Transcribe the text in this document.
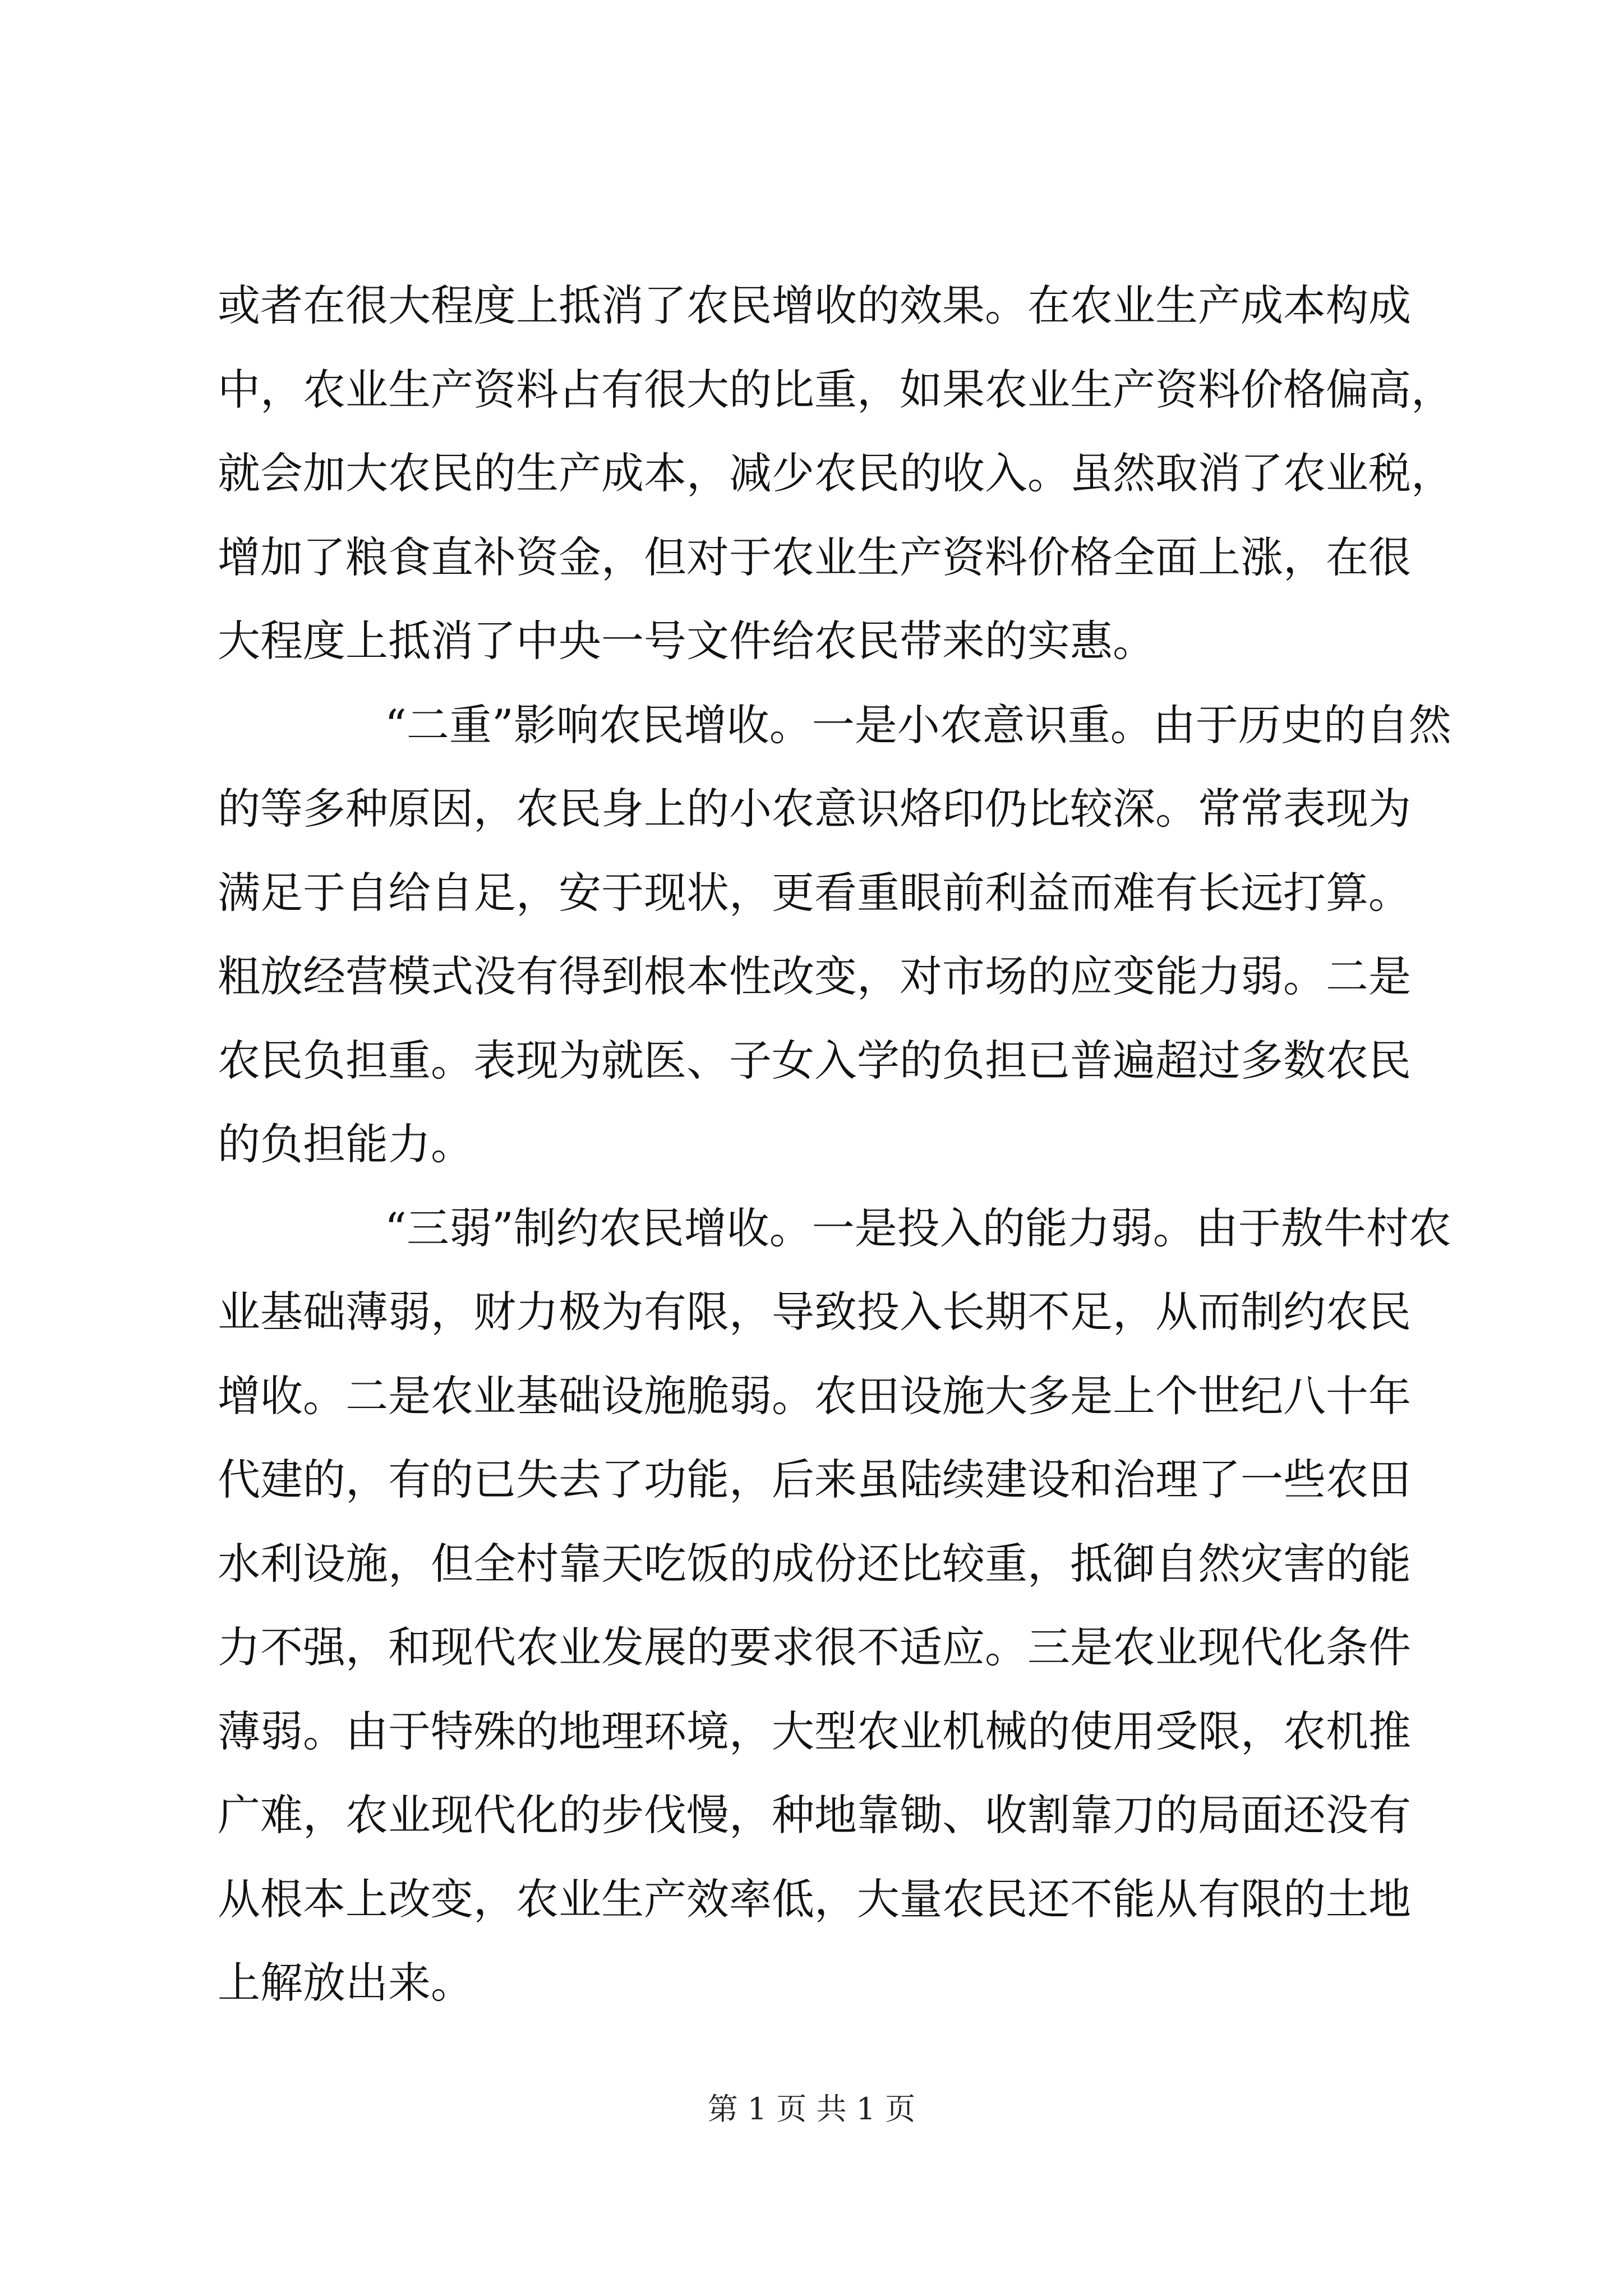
或者在很大程度上抵消了农民增收的效果。在农业生产成本构成
中，农业生产资料占有很大的比重，如果农业生产资料价格偏高，
就会加大农民的生产成本，减少农民的收入。虽然取消了农业税，
增加了粮食直补资金，但对于农业生产资料价格全面上涨，在很
大程度上抵消了中央一号文件给农民带来的实惠。
“二重”影响农民增收。一是小农意识重。由于历史的自然
的等多种原因，农民身上的小农意识烙印仍比较深。常常表现为
满足于自给自足，安于现状，更看重眼前利益而难有长远打算。
粗放经营模式没有得到根本性改变，对市场的应变能力弱。二是
农民负担重。表现为就医、子女入学的负担已普遍超过多数农民
的负担能力。
“三弱”制约农民增收。一是投入的能力弱。由于敖牛村农
业基础薄弱，财力极为有限，导致投入长期不足，从而制约农民
增收。二是农业基础设施脆弱。农田设施大多是上个世纪八十年
代建的，有的已失去了功能，后来虽陆续建设和治理了一些农田
水利设施，但全村靠天吃饭的成份还比较重，抵御自然灾害的能
力不强，和现代农业发展的要求很不适应。三是农业现代化条件
薄弱。由于特殊的地理环境，大型农业机械的使用受限，农机推
广难，农业现代化的步伐慢，种地靠锄、收割靠刀的局面还没有
从根本上改变，农业生产效率低，大量农民还不能从有限的土地
上解放出来。
第 1 页 共 1 页
